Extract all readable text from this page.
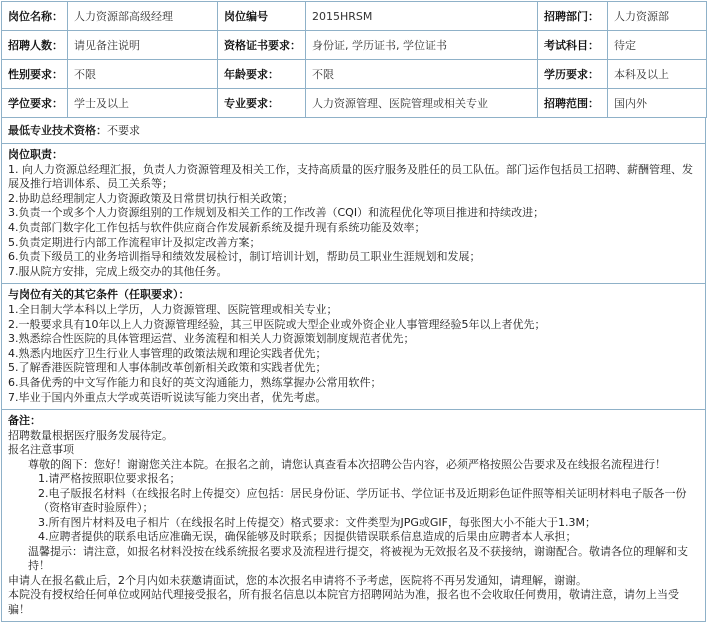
岗位名称：	人力资源部高级经理	岗位编号	2015HRSM	招聘部门：	人力资源部
招聘人数：	请见备注说明	资格证书要求：	身份证, 学历证书, 学位证书	考试科目：	待定
性别要求：	不限	年龄要求：	不限	学历要求：	本科及以上
学位要求：	学士及以上	专业要求：	人力资源管理、医院管理或相关专业	招聘范围：	国内外
最低专业技术资格：不要求
岗位职责：
1. 向人力资源总经理汇报，负责人力资源管理及相关工作，支持高质量的医疗服务及胜任的员工队伍。部门运作包括员工招聘、薪酬管理、发展及推行培训体系、员工关系等；
2.协助总经理制定人力资源政策及日常贯切执行相关政策；
3.负责一个或多个人力资源组别的工作规划及相关工作的工作改善（CQI）和流程优化等项目推进和持续改进；
4.负责部门数字化工作包括与软件供应商合作发展新系统及提升现有系统功能及效率；
5.负责定期进行内部工作流程审计及拟定改善方案；
6.负责下级员工的业务培训指导和绩效发展检讨，制订培训计划，帮助员工职业生涯规划和发展；
7.服从院方安排，完成上级交办的其他任务。
与岗位有关的其它条件（任职要求）：
1.全日制大学本科以上学历，人力资源管理、医院管理或相关专业；
2.一般要求具有10年以上人力资源管理经验，其三甲医院或大型企业或外资企业人事管理经验5年以上者优先；
3.熟悉综合性医院的具体管理运营、业务流程和相关人力资源策划制度规范者优先；
4.熟悉内地医疗卫生行业人事管理的政策法规和理论实践者优先；
5.了解香港医院管理和人事体制改革创新相关政策和实践者优先；
6.具备优秀的中文写作能力和良好的英文沟通能力，熟练掌握办公常用软件；
7.毕业于国内外重点大学或英语听说读写能力突出者，优先考虑。
备注：
招聘数量根据医疗服务发展待定。
报名注意事项
尊敬的阁下：您好！谢谢您关注本院。在报名之前，请您认真查看本次招聘公告内容，必须严格按照公告要求及在线报名流程进行！
1.请严格按照职位要求报名；
2.电子版报名材料（在线报名时上传提交）应包括：居民身份证、学历证书、学位证书及近期彩色证件照等相关证明材料电子版各一份（资格审查时验原件）；
3.所有图片材料及电子相片（在线报名时上传提交）格式要求：文件类型为JPG或GIF，每张图大小不能大于1.3M；
4.应聘者提供的联系电话应准确无误，确保能够及时联系；因提供错误联系信息造成的后果由应聘者本人承担；
温馨提示：请注意，如报名材料没按在线系统报名要求及流程进行提交，将被视为无效报名及不获接纳，谢谢配合。敬请各位的理解和支持！
申请人在报名截止后，2个月内如未获邀请面试，您的本次报名申请将不予考虑，医院将不再另发通知，请理解，谢谢。
本院没有授权给任何单位或网站代理接受报名，所有报名信息以本院官方招聘网站为准，报名也不会收取任何费用，敬请注意，请勿上当受骗！
